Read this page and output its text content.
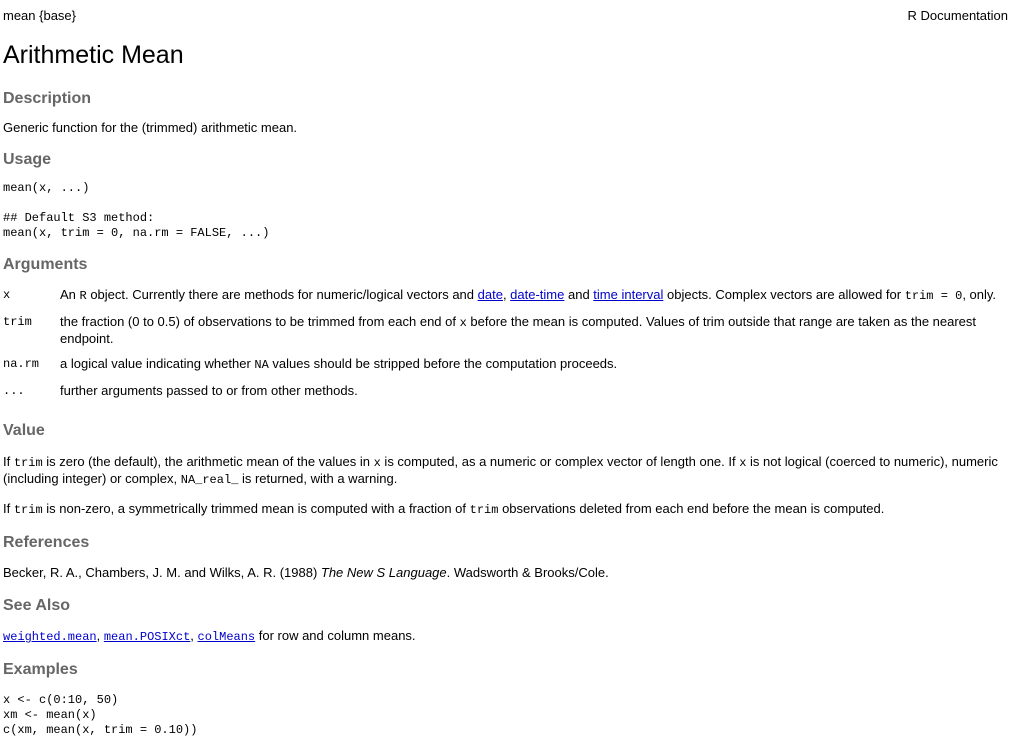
mean {base}	R Documentation
Arithmetic Mean
Description

Generic function for the (trimmed) arithmetic mean.

Usage
mean(x, ...)
## Default S3 method:
mean(x, trim = 0, na.rm = FALSE, ...)
Arguments
x	An R object. Currently there are methods for numeric/logical vectors and date, date-time and time interval objects. Complex vectors are allowed for trim = 0, only.

trim	the fraction (0 to 0.5) of observations to be trimmed from each end of x before the mean is computed. Values of trim outside that range are taken as the nearest endpoint.

na.rm	a logical value indicating whether NA values should be stripped before the computation proceeds.

...	further arguments passed to or from other methods.
Value

If trim is zero (the default), the arithmetic mean of the values in x is computed, as a numeric or complex vector of length one. If x is not logical (coerced to numeric), numeric (including integer) or complex, NA_real_ is returned, with a warning.

If trim is non-zero, a symmetrically trimmed mean is computed with a fraction of trim observations deleted from each end before the mean is computed.

References

Becker, R. A., Chambers, J. M. and Wilks, A. R. (1988) The New S Language. Wadsworth & Brooks/Cole.

See Also

weighted.mean, mean.POSIXct, colMeans for row and column means.

Examples
x <- c(0:10, 50)
xm <- mean(x)
c(xm, mean(x, trim = 0.10))
